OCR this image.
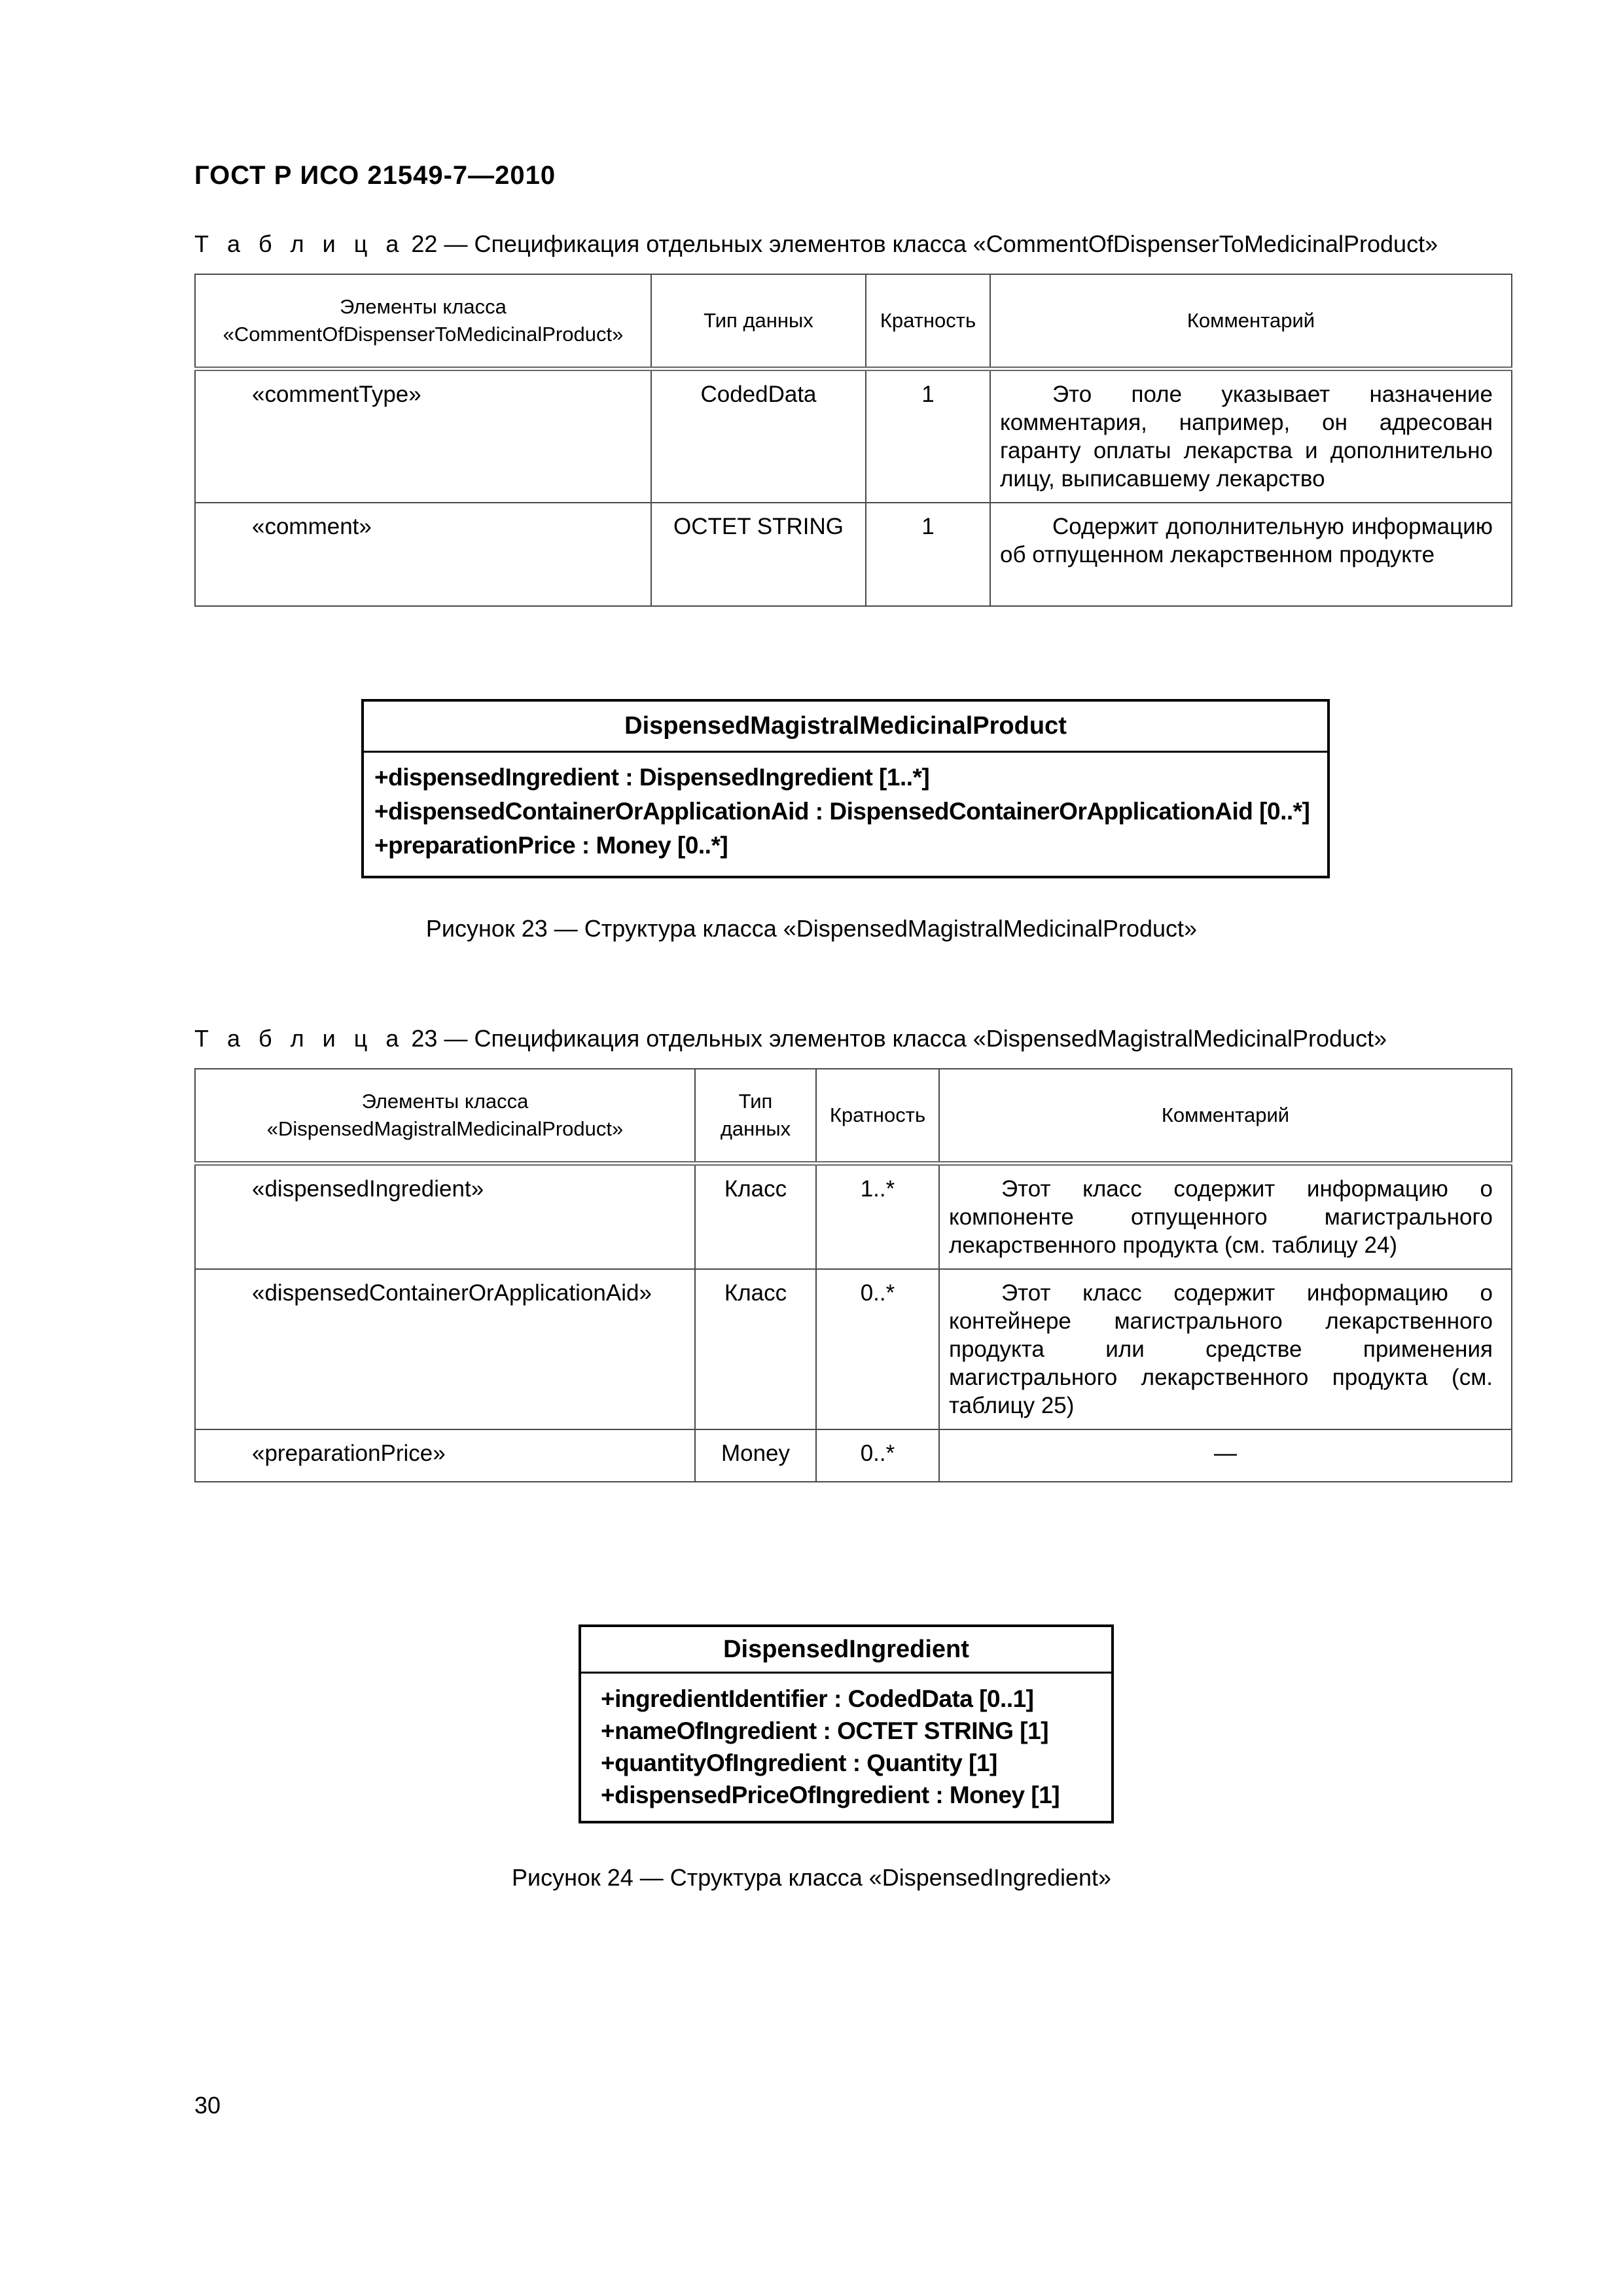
ГОСТ Р ИСО 21549-7—2010
Т а б л и ц а 22 — Спецификация отдельных элементов класса «CommentOfDispenserToMedicinalProduct»
Элементы класса «CommentOfDispenserToMedicinalProduct»	Тип данных	Кратность	Комментарий
«commentType»	CodedData	1	Это поле указывает назначение комментария, например, он адресован гаранту оплаты лекарства и дополнительно лицу, выписавшему лекарство
«comment»	OCTET STRING	1	Содержит дополнительную информацию об отпущенном лекарственном продукте
DispensedMagistralMedicinalProduct
+dispensedIngredient : DispensedIngredient [1..*]
+dispensedContainerOrApplicationAid : DispensedContainerOrApplicationAid [0..*]
+preparationPrice : Money [0..*]
Рисунок 23 — Структура класса «DispensedMagistralMedicinalProduct»
Т а б л и ц а 23 — Спецификация отдельных элементов класса «DispensedMagistralMedicinalProduct»
Элементы класса «DispensedMagistralMedicinalProduct»	Тип данных	Кратность	Комментарий
«dispensedIngredient»	Класс	1..*	Этот класс содержит информацию о компоненте отпущенного магистрального лекарственного продукта (см. таблицу 24)
«dispensedContainerOrApplicationAid»	Класс	0..*	Этот класс содержит информацию о контейнере магистрального лекарственного продукта или средстве применения магистрального лекарственного продукта (см. таблицу 25)
«preparationPrice»	Money	0..*	—
DispensedIngredient
+ingredientIdentifier : CodedData [0..1]
+nameOfIngredient : OCTET STRING [1]
+quantityOfIngredient : Quantity [1]
+dispensedPriceOfIngredient : Money [1]
Рисунок 24 — Структура класса «DispensedIngredient»
30
